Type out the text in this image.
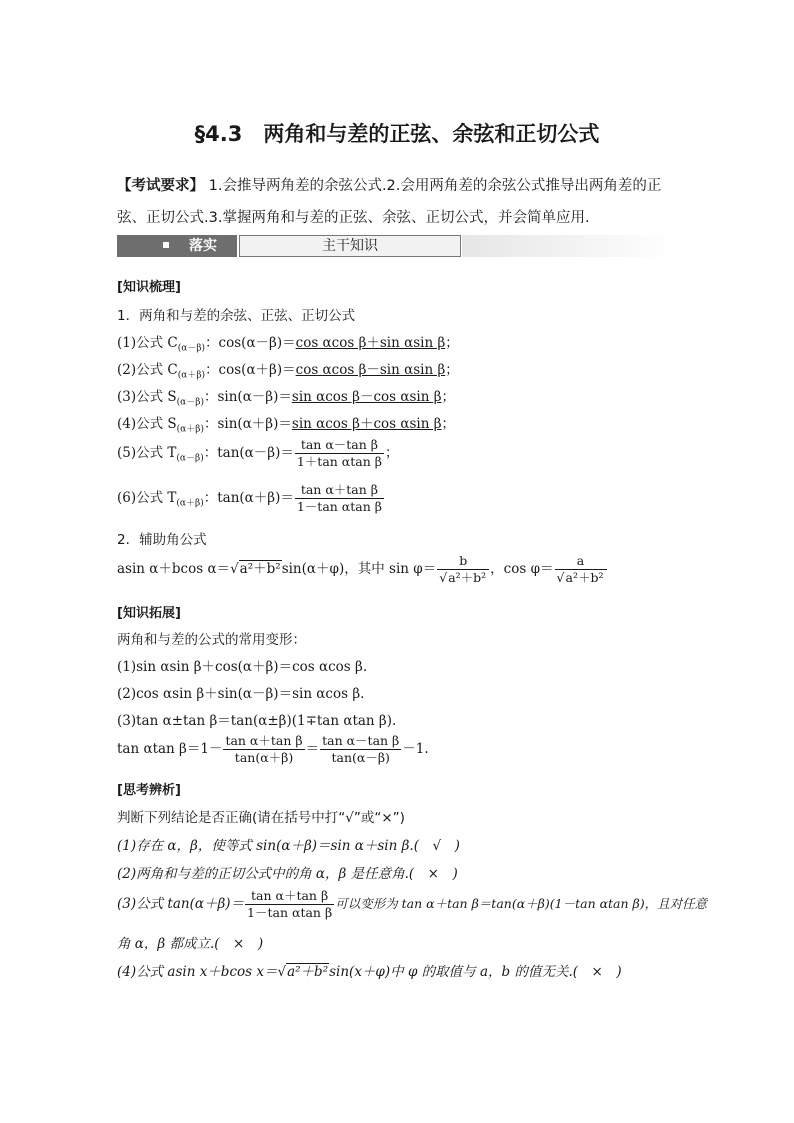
§4.3　两角和与差的正弦、余弦和正切公式
【考试要求】 1.会推导两角差的余弦公式.2.会用两角差的余弦公式推导出两角差的正弦、正切公式.3.掌握两角和与差的正弦、余弦、正切公式，并会简单应用.
落实	主干知识
[知识梳理]
1．两角和与差的余弦、正弦、正切公式
(1)公式 $C_{(\alpha-\beta)}$：cos(α－β)＝cos αcos β＋sin αsin β；
(2)公式 $C_{(\alpha+\beta)}$：cos(α＋β)＝cos αcos β－sin αsin β；
(3)公式 $S_{(\alpha-\beta)}$：sin(α－β)＝sin αcos β－cos αsin β；
(4)公式 $S_{(\alpha+\beta)}$：sin(α＋β)＝sin αcos β＋cos αsin β；
(5)公式 $T_{(\alpha-\beta)}$：$\tan(\alpha-\beta)= \frac{\text{tan α－tan β}}{\text{1＋tan αtan β}}$ ；
(6)公式 $T_{(\alpha+\beta)}$：$\tan(\alpha+\beta)= \frac{\text{tan α＋tan β}}{\text{1－tan αtan β}}$
2．辅助角公式
asin α＋bcos α＝√a²＋b²sin(α＋φ)，其中 $\sin \varphi= \frac{b}{\text{√a²＋b²}}$ ，$\cos \varphi= \frac{a}{\text{√a²＋b²}}$
[知识拓展]
两角和与差的公式的常用变形：
(1)sin αsin β＋cos(α＋β)＝cos αcos β.
(2)cos αsin β＋sin(α－β)＝sin αcos β.
(3)tan α±tan β＝tan(α±β)(1∓tan αtan β).
tan αtan $\beta=1- \frac{\text{tan α＋tan β}}{\tan(\alpha+\beta)} = \frac{\text{tan α－tan β}}{\tan(\alpha-\beta)} -1$.
[思考辨析]
判断下列结论是否正确(请在括号中打“√”或“×”)
(1)存在 α，β，使等式 sin(α＋β)＝sin α＋sin β.(　√　)
(2)两角和与差的正切公式中的角 α，β 是任意角.(　×　)
(3)公式 $\tan(\alpha+\beta)= \frac{\text{tan α＋tan β}}{\text{1－tan αtan β}}$ 可以变形为 tan α＋tan β＝tan(α＋β)(1－tan αtan β)，且对任意
角 α，β 都成立.(　×　)
(4)公式 asin x＋bcos x＝√a²＋b²sin(x＋φ)中 φ 的取值与 a，b 的值无关.(　×　)
